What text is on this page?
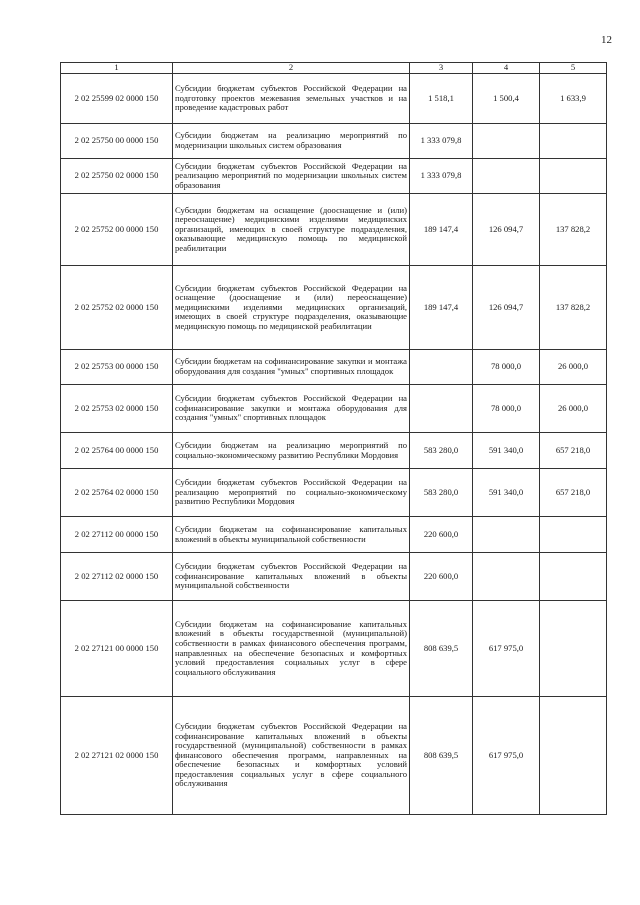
12
1	2	3	4	5
2 02 25599 02 0000 150	Субсидии бюджетам субъектов Российской Федерации на подготовку проектов межевания земельных участков и на проведение кадастровых работ	1 518,1	1 500,4	1 633,9
2 02 25750 00 0000 150	Субсидии бюджетам на реализацию мероприятий по модернизации школьных систем образования	1 333 079,8		
2 02 25750 02 0000 150	Субсидии бюджетам субъектов Российской Федерации на реализацию мероприятий по модернизации школьных систем образования	1 333 079,8		
2 02 25752 00 0000 150	Субсидии бюджетам на оснащение (дооснащение и (или) переоснащение) медицинскими изделиями медицинских организаций, имеющих в своей структуре подразделения, оказывающие медицинскую помощь по медицинской реабилитации	189 147,4	126 094,7	137 828,2
2 02 25752 02 0000 150	Субсидии бюджетам субъектов Российской Федерации на оснащение (дооснащение и (или) переоснащение) медицинскими изделиями медицинских организаций, имеющих в своей структуре подразделения, оказывающие медицинскую помощь по медицинской реабилитации	189 147,4	126 094,7	137 828,2
2 02 25753 00 0000 150	Субсидии бюджетам на софинансирование закупки и монтажа оборудования для создания "умных" спортивных площадок		78 000,0	26 000,0
2 02 25753 02 0000 150	Субсидии бюджетам субъектов Российской Федерации на софинансирование закупки и монтажа оборудования для создания "умных" спортивных площадок		78 000,0	26 000,0
2 02 25764 00 0000 150	Субсидии бюджетам на реализацию мероприятий по социально-экономическому развитию Республики Мордовия	583 280,0	591 340,0	657 218,0
2 02 25764 02 0000 150	Субсидии бюджетам субъектов Российской Федерации на реализацию мероприятий по социально-экономическому развитию Республики Мордовия	583 280,0	591 340,0	657 218,0
2 02 27112 00 0000 150	Субсидии бюджетам на софинансирование капитальных вложений в объекты муниципальной собственности	220 600,0		
2 02 27112 02 0000 150	Субсидии бюджетам субъектов Российской Федерации на софинансирование капитальных вложений в объекты муниципальной собственности	220 600,0		
2 02 27121 00 0000 150	Субсидии бюджетам на софинансирование капитальных вложений в объекты государственной (муниципальной) собственности в рамках финансового обеспечения программ, направленных на обеспечение безопасных и комфортных условий предоставления социальных услуг в сфере социального обслуживания	808 639,5	617 975,0	
2 02 27121 02 0000 150	Субсидии бюджетам субъектов Российской Федерации на софинансирование капитальных вложений в объекты государственной (муниципальной) собственности в рамках финансового обеспечения программ, направленных на обеспечение безопасных и комфортных условий предоставления социальных услуг в сфере социального обслуживания	808 639,5	617 975,0	
